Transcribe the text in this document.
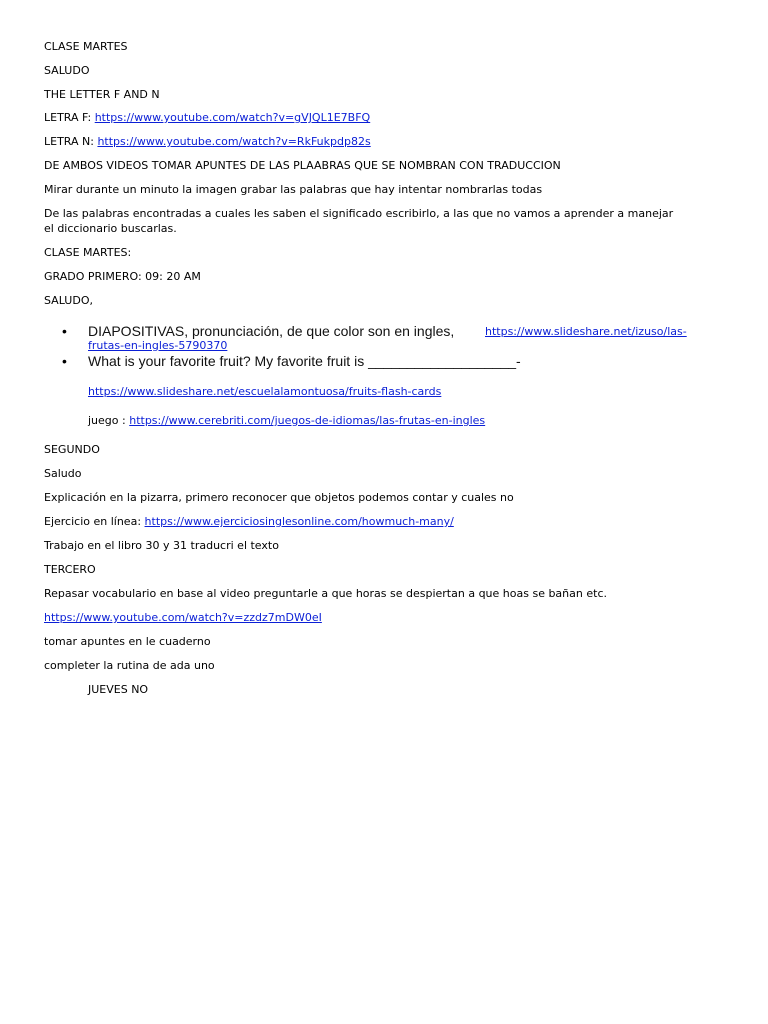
CLASE MARTES
SALUDO
THE LETTER F AND N
LETRA F: https://www.youtube.com/watch?v=gVJQL1E7BFQ
LETRA N: https://www.youtube.com/watch?v=RkFukpdp82s
DE AMBOS VIDEOS TOMAR APUNTES DE LAS PLAABRAS QUE SE NOMBRAN CON TRADUCCION
Mirar durante un minuto la imagen grabar las palabras que hay intentar nombrarlas todas
De las palabras encontradas a cuales les saben el significado escribirlo, a las que no vamos a aprender a manejar el diccionario buscarlas.
CLASE MARTES:
GRADO PRIMERO: 09: 20 AM
SALUDO,
• DIAPOSITIVAS, pronunciación, de que color son en ingles,	https://www.slideshare.net/izuso/las-
frutas-en-ingles-5790370
• What is your favorite fruit? My favorite fruit is ___________________-
https://www.slideshare.net/escuelalamontuosa/fruits-flash-cards
juego : https://www.cerebriti.com/juegos-de-idiomas/las-frutas-en-ingles
SEGUNDO
Saludo
Explicación en la pizarra, primero reconocer que objetos podemos contar y cuales no
Ejercicio en línea: https://www.ejerciciosinglesonline.com/howmuch-many/
Trabajo en el libro 30 y 31 traducri el texto
TERCERO
Repasar vocabulario en base al video preguntarle a que horas se despiertan a que hoas se bañan etc.
https://www.youtube.com/watch?v=zzdz7mDW0eI
tomar apuntes en le cuaderno
completer la rutina de ada uno
JUEVES NO
